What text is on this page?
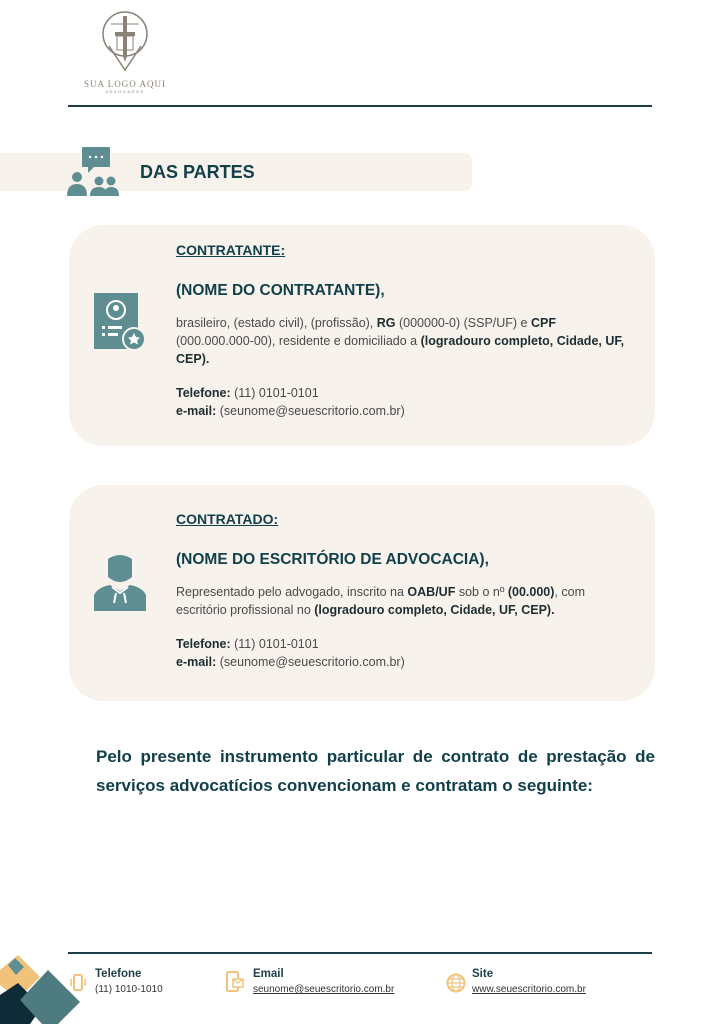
SUA LOGO AQUI
ADVOGADOS
DAS PARTES
CONTRATANTE:
(NOME DO CONTRATANTE),
brasileiro, (estado civil), (profissão), RG (000000-0) (SSP/UF) e CPF (000.000.000-00), residente e domiciliado a (logradouro completo, Cidade, UF, CEP).
Telefone: (11) 0101-0101
e-mail: (seunome@seuescritorio.com.br)
CONTRATADO:
(NOME DO ESCRITÓRIO DE ADVOCACIA),
Representado pelo advogado, inscrito na OAB/UF sob o nº (00.000), com escritório profissional no (logradouro completo, Cidade, UF, CEP).
Telefone: (11) 0101-0101
e-mail: (seunome@seuescritorio.com.br)
Pelo presente instrumento particular de contrato de prestação de serviços advocatícios convencionam e contratam o seguinte:
Telefone
(11) 1010-1010
Email
seunome@seuescritorio.com.br
Site
www.seuescritorio.com.br
